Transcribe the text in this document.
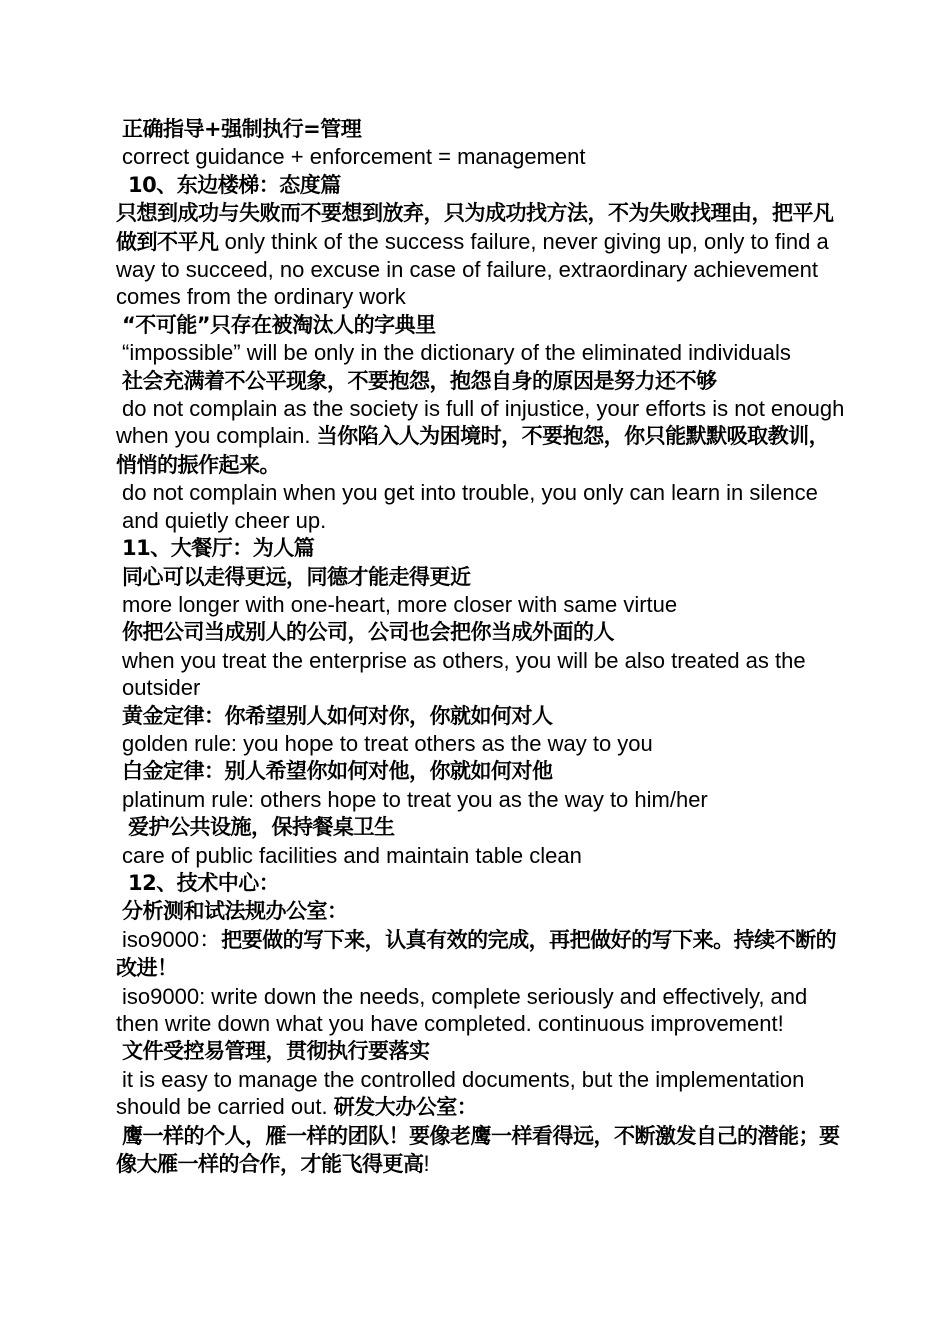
正确指导+强制执行=管理
correct guidance + enforcement = management
10、东边楼梯：态度篇
只想到成功与失败而不要想到放弃，只为成功找方法，不为失败找理由，把平凡做到不平凡 only think of the success failure, never giving up, only to find a way to succeed, no excuse in case of failure, extraordinary achievement comes from the ordinary work
“不可能”只存在被淘汰人的字典里
“impossible” will be only in the dictionary of the eliminated individuals
社会充满着不公平现象，不要抱怨，抱怨自身的原因是努力还不够
do not complain as the society is full of injustice, your efforts is not enough when you complain. 当你陷入人为困境时，不要抱怨，你只能默默吸取教训，悄悄的振作起来。
do not complain when you get into trouble, you only can learn in silence and quietly cheer up.
11、大餐厅：为人篇
同心可以走得更远，同德才能走得更近
more longer with one-heart, more closer with same virtue
你把公司当成别人的公司，公司也会把你当成外面的人
when you treat the enterprise as others, you will be also treated as the outsider
黄金定律：你希望别人如何对你，你就如何对人
golden rule: you hope to treat others as the way to you
白金定律：别人希望你如何对他，你就如何对他
platinum rule: others hope to treat you as the way to him/her
爱护公共设施，保持餐桌卫生
care of public facilities and maintain table clean
12、技术中心：
分析测和试法规办公室：
iso9000：把要做的写下来，认真有效的完成，再把做好的写下来。持续不断的改进！
iso9000: write down the needs, complete seriously and effectively, and then write down what you have completed. continuous improvement!
文件受控易管理，贯彻执行要落实
it is easy to manage the controlled documents, but the implementation should be carried out. 研发大办公室：
鹰一样的个人，雁一样的团队！要像老鹰一样看得远，不断激发自己的潜能；要像大雁一样的合作，才能飞得更高!
